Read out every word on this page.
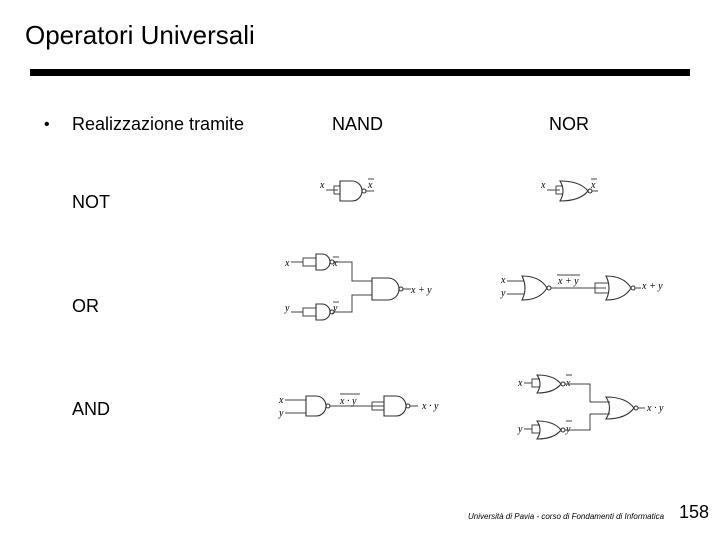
Operatori Universali
• Realizzazione tramite	NAND	NOR
NOT
OR
AND
x	x	x	x
x	x
y	y
x + y
x
y
x + y	x + y
x
y
x · y	x · y
x	x
y	y
x · y
Università di Pavia - corso di Fondamenti di Informatica 158
